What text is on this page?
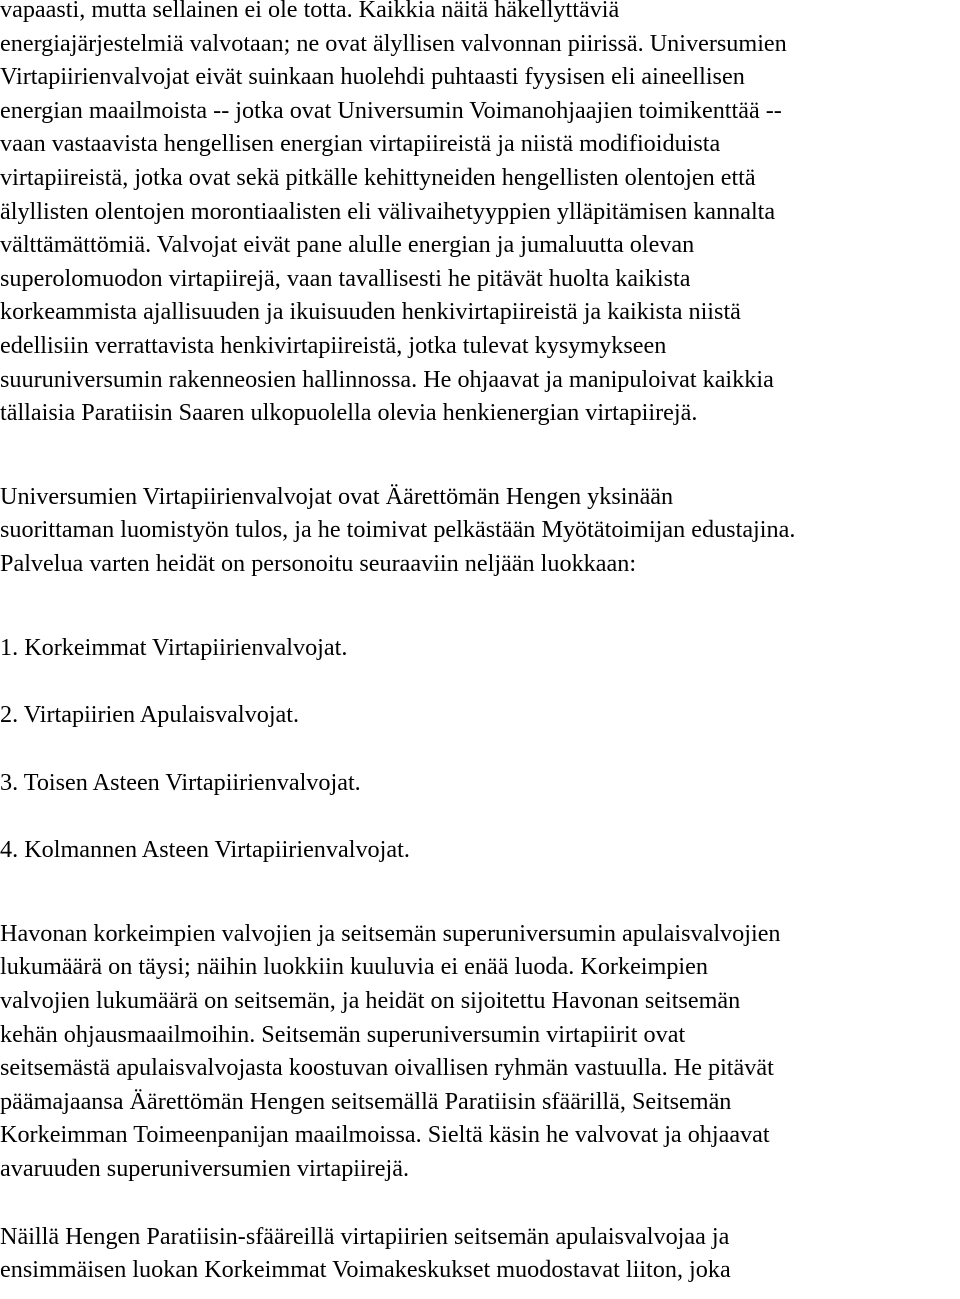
vapaasti, mutta sellainen ei ole totta. Kaikkia näitä häkellyttäviä
energiajärjestelmiä valvotaan; ne ovat älyllisen valvonnan piirissä. Universumien
Virtapiirienvalvojat eivät suinkaan huolehdi puhtaasti fyysisen eli aineellisen
energian maailmoista -- jotka ovat Universumin Voimanohjaajien toimikenttää --
vaan vastaavista hengellisen energian virtapiireistä ja niistä modifioiduista
virtapiireistä, jotka ovat sekä pitkälle kehittyneiden hengellisten olentojen että
älyllisten olentojen morontiaalisten eli välivaihetyyppien ylläpitämisen kannalta
välttämättömiä. Valvojat eivät pane alulle energian ja jumaluutta olevan
superolomuodon virtapiirejä, vaan tavallisesti he pitävät huolta kaikista
korkeammista ajallisuuden ja ikuisuuden henkivirtapiireistä ja kaikista niistä
edellisiin verrattavista henkivirtapiireistä, jotka tulevat kysymykseen
suuruniversumin rakenneosien hallinnossa. He ohjaavat ja manipuloivat kaikkia
tällaisia Paratiisin Saaren ulkopuolella olevia henkienergian virtapiirejä.

Universumien Virtapiirienvalvojat ovat Äärettömän Hengen yksinään
suorittaman luomistyön tulos, ja he toimivat pelkästään Myötätoimijan edustajina.
Palvelua varten heidät on personoitu seuraaviin neljään luokkaan:

1. Korkeimmat Virtapiirienvalvojat.

2. Virtapiirien Apulaisvalvojat.

3. Toisen Asteen Virtapiirienvalvojat.

4. Kolmannen Asteen Virtapiirienvalvojat.

Havonan korkeimpien valvojien ja seitsemän superuniversumin apulaisvalvojien
lukumäärä on täysi; näihin luokkiin kuuluvia ei enää luoda. Korkeimpien
valvojien lukumäärä on seitsemän, ja heidät on sijoitettu Havonan seitsemän
kehän ohjausmaailmoihin. Seitsemän superuniversumin virtapiirit ovat
seitsemästä apulaisvalvojasta koostuvan oivallisen ryhmän vastuulla. He pitävät
päämajaansa Äärettömän Hengen seitsemällä Paratiisin sfäärillä, Seitsemän
Korkeimman Toimeenpanijan maailmoissa. Sieltä käsin he valvovat ja ohjaavat
avaruuden superuniversumien virtapiirejä.

Näillä Hengen Paratiisin-sfääreillä virtapiirien seitsemän apulaisvalvojaa ja
ensimmäisen luokan Korkeimmat Voimakeskukset muodostavat liiton, joka
